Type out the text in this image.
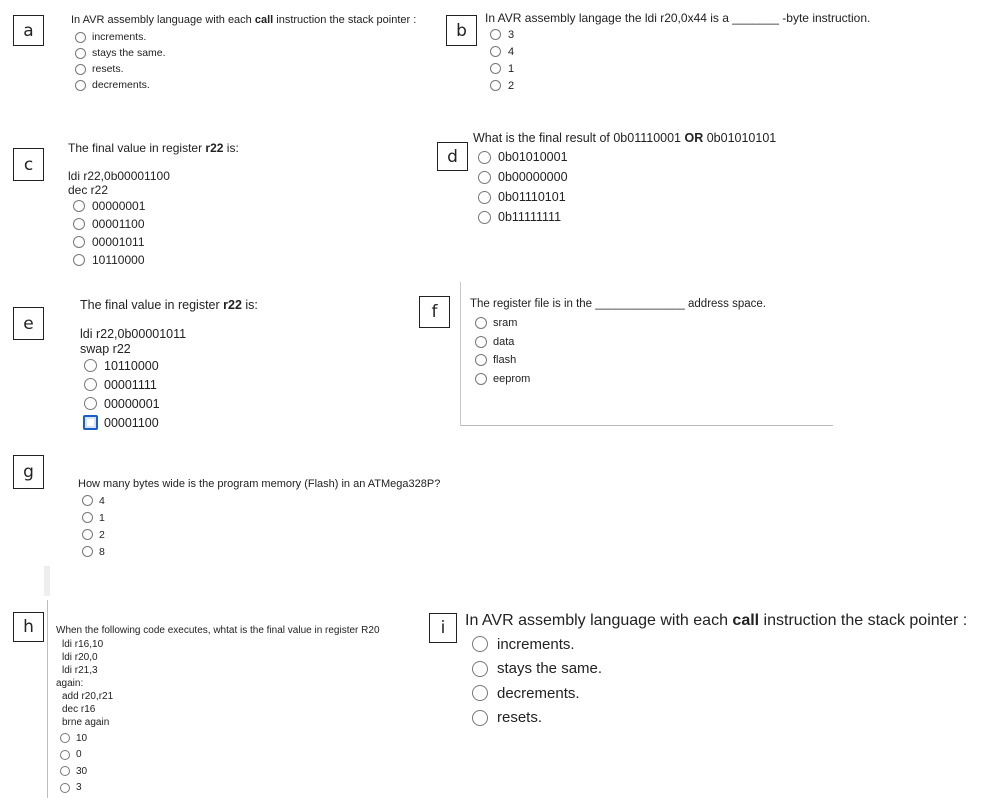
a
In AVR assembly language with each call instruction the stack pointer :
increments.
stays the same.
resets.
decrements.
b
In AVR assembly langage the ldi r20,0x44 is a _______ -byte instruction.
3
4
1
2
c
The final value in register r22 is:
ldi r22,0b00001100
dec r22
00000001
00001100
00001011
10110000
d
What is the final result of 0b01110001 OR 0b01010101
0b01010001
0b00000000
0b01110101
0b11111111
e
The final value in register r22 is:
ldi r22,0b00001011
swap r22
10110000
00001111
00000001
00001100
f	The register file is in the ______________ address space.
sram
data
flash
eeprom
g
How many bytes wide is the program memory (Flash) in an ATMega328P?
4
1
2
8
h When the following code executes, whtat is the final value in register R20
ldi r16,10
ldi r20,0
ldi r21,3
again:
add r20,r21
dec r16
brne again
10
0
30
3
i In AVR assembly language with each call instruction the stack pointer :
increments.
stays the same.
decrements.
resets.
